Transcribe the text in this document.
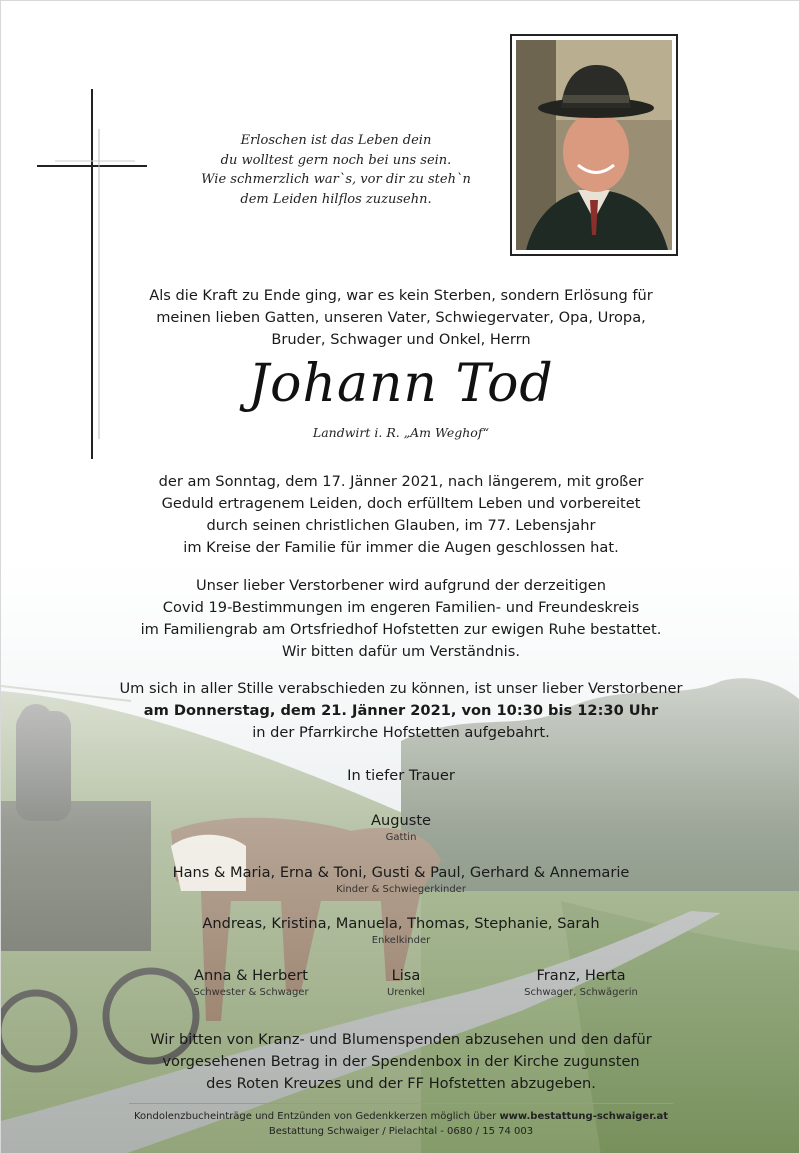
Erloschen ist das Leben dein
du wolltest gern noch bei uns sein.
Wie schmerzlich war`s, vor dir zu steh`n
dem Leiden hilflos zuzusehn.
Als die Kraft zu Ende ging, war es kein Sterben, sondern Erlösung für
meinen lieben Gatten, unseren Vater, Schwiegervater, Opa, Uropa,
Bruder, Schwager und Onkel, Herrn
Johann Tod
Landwirt i. R. „Am Weghof“
der am Sonntag, dem 17. Jänner 2021, nach längerem, mit großer
Geduld ertragenem Leiden, doch erfülltem Leben und vorbereitet
durch seinen christlichen Glauben, im 77. Lebensjahr
im Kreise der Familie für immer die Augen geschlossen hat.
Unser lieber Verstorbener wird aufgrund der derzeitigen
Covid 19-Bestimmungen im engeren Familien- und Freundeskreis
im Familiengrab am Ortsfriedhof Hofstetten zur ewigen Ruhe bestattet.
Wir bitten dafür um Verständnis.
Um sich in aller Stille verabschieden zu können, ist unser lieber Verstorbener
am Donnerstag, dem 21. Jänner 2021, von 10:30 bis 12:30 Uhr
in der Pfarrkirche Hofstetten aufgebahrt.
In tiefer Trauer
Auguste
Gattin
Hans & Maria, Erna & Toni, Gusti & Paul, Gerhard & Annemarie
Kinder & Schwiegerkinder
Andreas, Kristina, Manuela, Thomas, Stephanie, Sarah
Enkelkinder
Anna & Herbert
Schwester & Schwager
Lisa
Urenkel
Franz, Herta
Schwager, Schwägerin
Wir bitten von Kranz- und Blumenspenden abzusehen und den dafür
vorgesehenen Betrag in der Spendenbox in der Kirche zugunsten
des Roten Kreuzes und der FF Hofstetten abzugeben.
Kondolenzbucheinträge und Entzünden von Gedenkkerzen möglich über www.bestattung-schwaiger.at
Bestattung Schwaiger / Pielachtal - 0680 / 15 74 003
